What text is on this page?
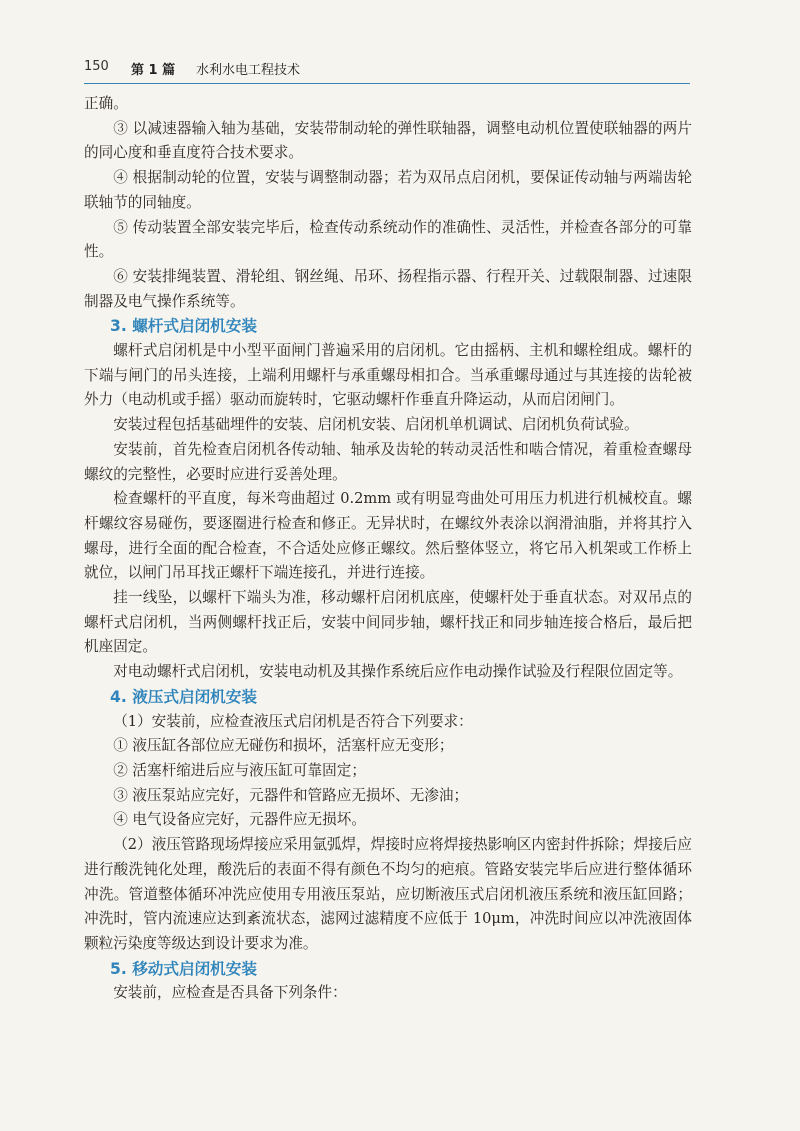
150 第 1 篇 水利水电工程技术

正确。

③ 以减速器输入轴为基础，安装带制动轮的弹性联轴器，调整电动机位置使联轴器的两片的同心度和垂直度符合技术要求。

④ 根据制动轮的位置，安装与调整制动器；若为双吊点启闭机，要保证传动轴与两端齿轮联轴节的同轴度。

⑤ 传动装置全部安装完毕后，检查传动系统动作的准确性、灵活性，并检查各部分的可靠性。

⑥ 安装排绳装置、滑轮组、钢丝绳、吊环、扬程指示器、行程开关、过载限制器、过速限制器及电气操作系统等。

3. 螺杆式启闭机安装

螺杆式启闭机是中小型平面闸门普遍采用的启闭机。它由摇柄、主机和螺栓组成。螺杆的下端与闸门的吊头连接，上端利用螺杆与承重螺母相扣合。当承重螺母通过与其连接的齿轮被外力（电动机或手摇）驱动而旋转时，它驱动螺杆作垂直升降运动，从而启闭闸门。

安装过程包括基础埋件的安装、启闭机安装、启闭机单机调试、启闭机负荷试验。

安装前，首先检查启闭机各传动轴、轴承及齿轮的转动灵活性和啮合情况，着重检查螺母螺纹的完整性，必要时应进行妥善处理。

检查螺杆的平直度，每米弯曲超过 0.2mm 或有明显弯曲处可用压力机进行机械校直。螺杆螺纹容易碰伤，要逐圈进行检查和修正。无异状时，在螺纹外表涂以润滑油脂，并将其拧入螺母，进行全面的配合检查，不合适处应修正螺纹。然后整体竖立，将它吊入机架或工作桥上就位，以闸门吊耳找正螺杆下端连接孔，并进行连接。

挂一线坠，以螺杆下端头为准，移动螺杆启闭机底座，使螺杆处于垂直状态。对双吊点的螺杆式启闭机，当两侧螺杆找正后，安装中间同步轴，螺杆找正和同步轴连接合格后，最后把机座固定。

对电动螺杆式启闭机，安装电动机及其操作系统后应作电动操作试验及行程限位固定等。

4. 液压式启闭机安装

（1）安装前，应检查液压式启闭机是否符合下列要求：

① 液压缸各部位应无碰伤和损坏，活塞杆应无变形；

② 活塞杆缩进后应与液压缸可靠固定；

③ 液压泵站应完好，元器件和管路应无损坏、无渗油；

④ 电气设备应完好，元器件应无损坏。

（2）液压管路现场焊接应采用氩弧焊，焊接时应将焊接热影响区内密封件拆除；焊接后应进行酸洗钝化处理，酸洗后的表面不得有颜色不均匀的疤痕。管路安装完毕后应进行整体循环冲洗。管道整体循环冲洗应使用专用液压泵站，应切断液压式启闭机液压系统和液压缸回路；冲洗时，管内流速应达到紊流状态，滤网过滤精度不应低于 10μm，冲洗时间应以冲洗液固体颗粒污染度等级达到设计要求为准。

5. 移动式启闭机安装

安装前，应检查是否具备下列条件：
